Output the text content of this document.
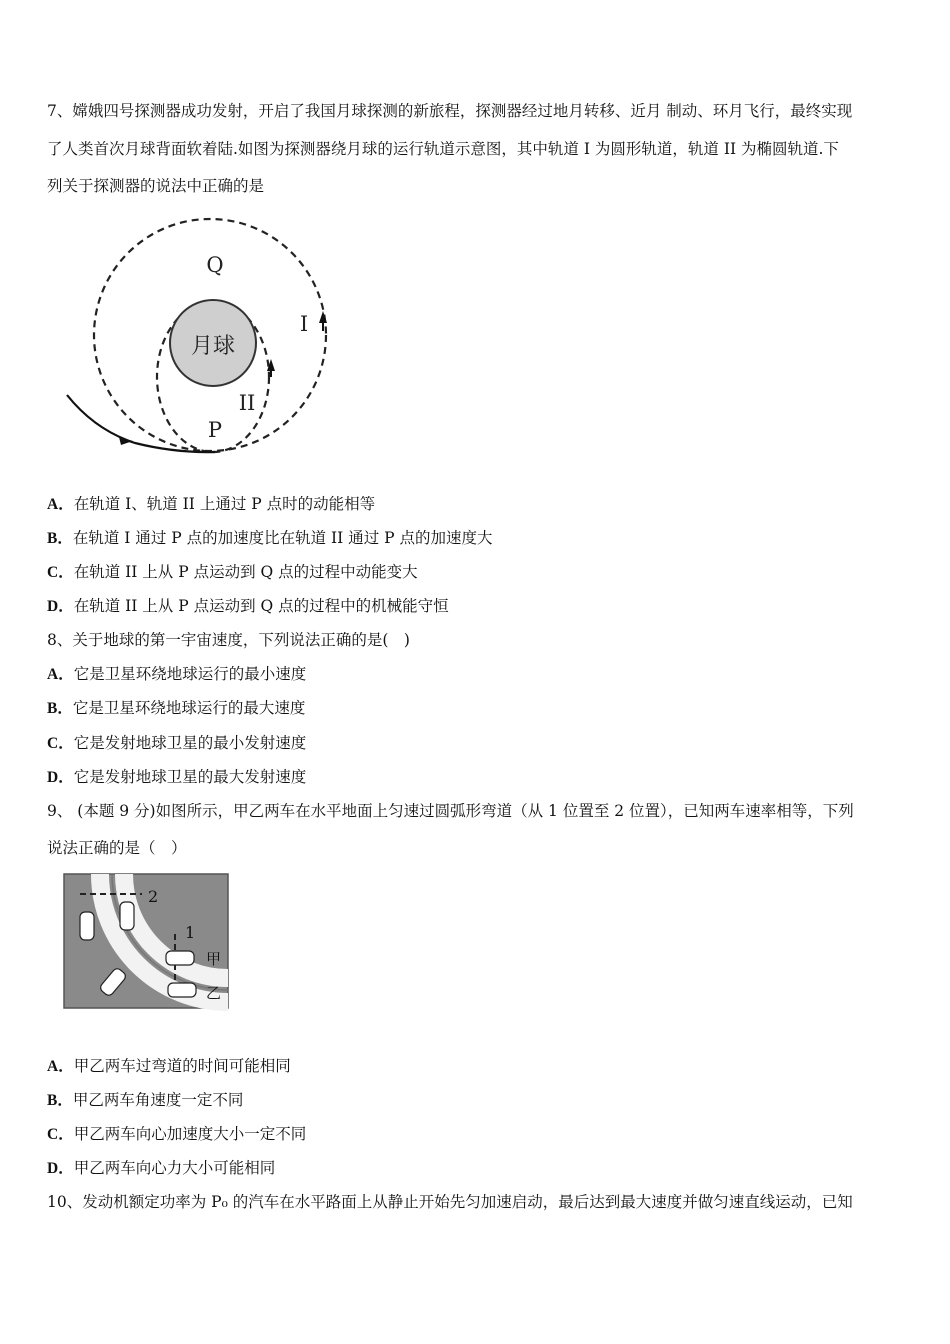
7、嫦娥四号探测器成功发射，开启了我国月球探测的新旅程，探测器经过地月转移、近月 制动、环月飞行，最终实现
了人类首次月球背面软着陆.如图为探测器绕月球的运行轨道示意图，其中轨道 I 为圆形轨道，轨道 II 为椭圆轨道.下
列关于探测器的说法中正确的是
月球
Q
P
I
II
A．在轨道 I、轨道 II 上通过 P 点时的动能相等
B．在轨道 I 通过 P 点的加速度比在轨道 II 通过 P 点的加速度大
C．在轨道 II 上从 P 点运动到 Q 点的过程中动能变大
D．在轨道 II 上从 P 点运动到 Q 点的过程中的机械能守恒
8、关于地球的第一宇宙速度，下列说法正确的是(　)
A．它是卫星环绕地球运行的最小速度
B．它是卫星环绕地球运行的最大速度
C．它是发射地球卫星的最小发射速度
D．它是发射地球卫星的最大发射速度
9、 (本题 9 分)如图所示，甲乙两车在水平地面上匀速过圆弧形弯道（从 1 位置至 2 位置），已知两车速率相等，下列
说法正确的是（　）
2
1
甲
乙
A．甲乙两车过弯道的时间可能相同
B．甲乙两车角速度一定不同
C．甲乙两车向心加速度大小一定不同
D．甲乙两车向心力大小可能相同
10、发动机额定功率为 P₀ 的汽车在水平路面上从静止开始先匀加速启动，最后达到最大速度并做匀速直线运动，已知
